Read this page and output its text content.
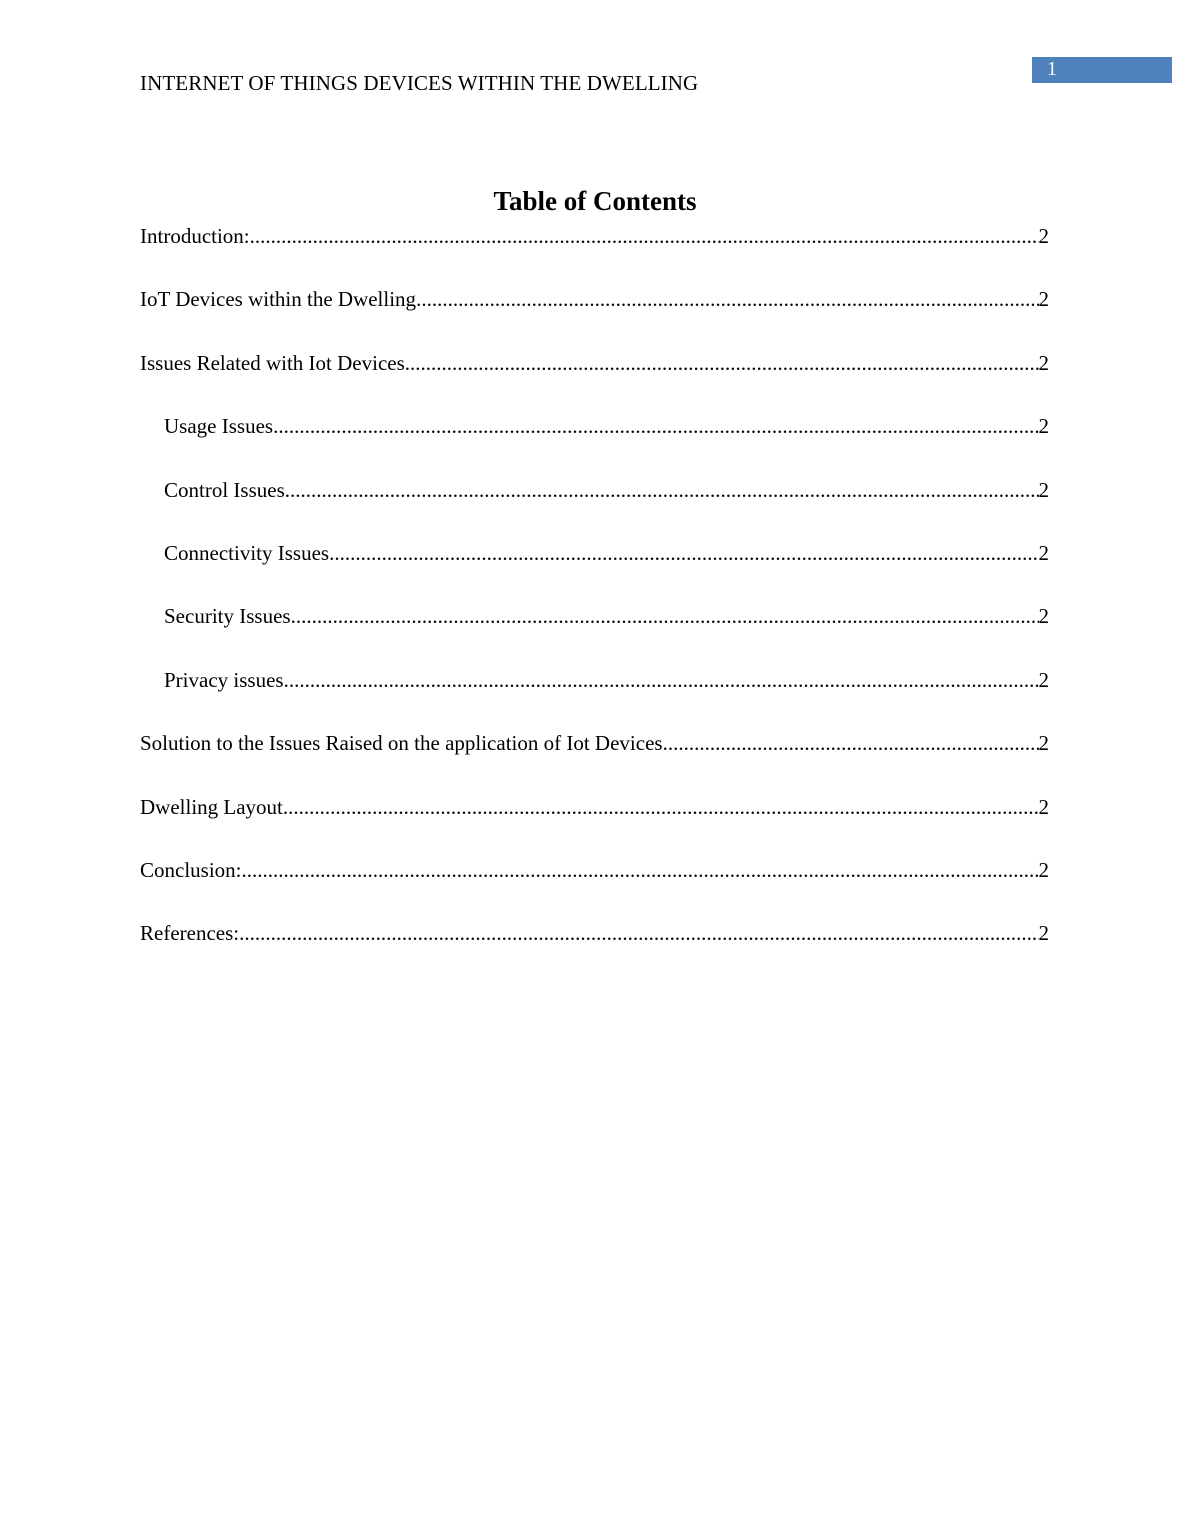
INTERNET OF THINGS DEVICES WITHIN THE DWELLING
1
Table of Contents
Introduction: .....	2
IoT Devices within the Dwelling .....	2
Issues Related with Iot Devices .....	2
Usage Issues .....	2
Control Issues .....	2
Connectivity Issues .....	2
Security Issues .....	2
Privacy issues .....	2
Solution to the Issues Raised on the application of Iot Devices .....	2
Dwelling Layout .....	2
Conclusion: .....	2
References: .....	2
